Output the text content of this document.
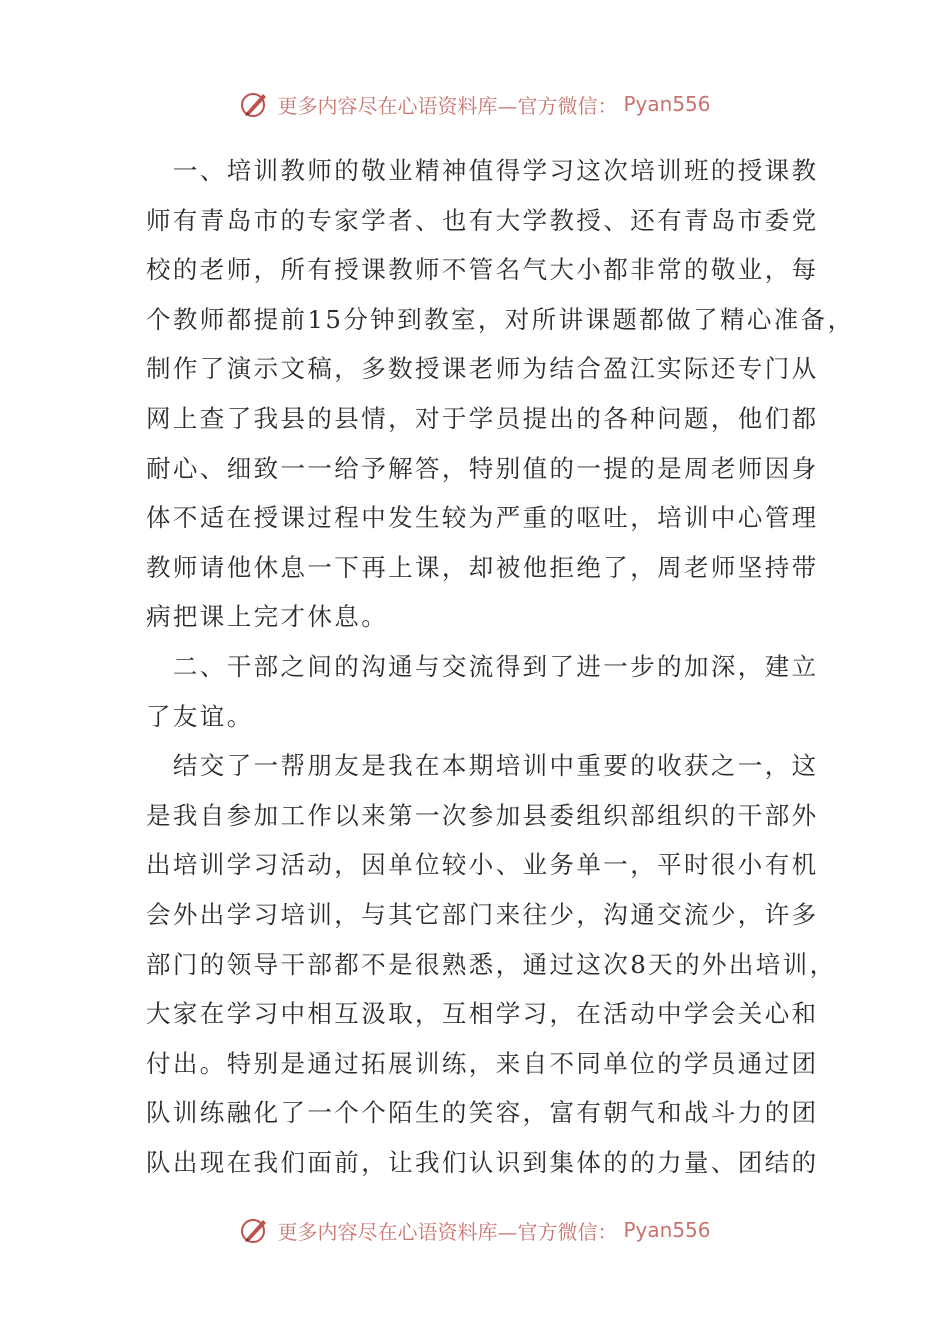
更多内容尽在心语资料库—官方微信： Pyan556
　一、培训教师的敬业精神值得学习这次培训班的授课教
师有青岛市的专家学者、也有大学教授、还有青岛市委党
校的老师，所有授课教师不管名气大小都非常的敬业，每
个教师都提前15分钟到教室，对所讲课题都做了精心准备，
制作了演示文稿，多数授课老师为结合盈江实际还专门从
网上查了我县的县情，对于学员提出的各种问题，他们都
耐心、细致一一给予解答，特别值的一提的是周老师因身
体不适在授课过程中发生较为严重的呕吐，培训中心管理
教师请他休息一下再上课，却被他拒绝了，周老师坚持带
病把课上完才休息。
　二、干部之间的沟通与交流得到了进一步的加深，建立
了友谊。
　结交了一帮朋友是我在本期培训中重要的收获之一，这
是我自参加工作以来第一次参加县委组织部组织的干部外
出培训学习活动，因单位较小、业务单一，平时很小有机
会外出学习培训，与其它部门来往少，沟通交流少，许多
部门的领导干部都不是很熟悉，通过这次8天的外出培训，
大家在学习中相互汲取，互相学习，在活动中学会关心和
付出。特别是通过拓展训练，来自不同单位的学员通过团
队训练融化了一个个陌生的笑容，富有朝气和战斗力的团
队出现在我们面前，让我们认识到集体的的力量、团结的
更多内容尽在心语资料库—官方微信： Pyan556
